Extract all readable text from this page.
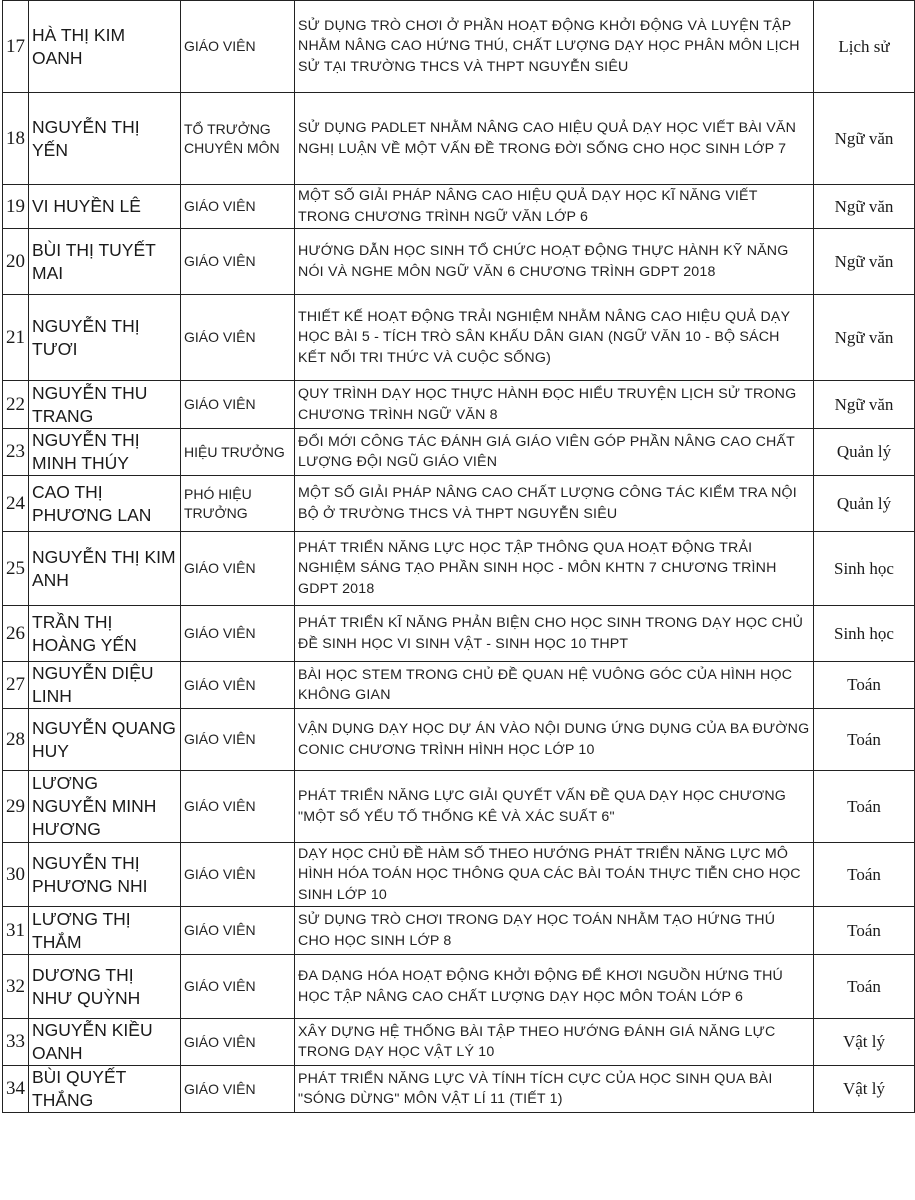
17	HÀ THỊ KIM OANH	GIÁO VIÊN	SỬ DỤNG TRÒ CHƠI Ở PHẦN HOẠT ĐỘNG KHỞI ĐỘNG VÀ LUYỆN TẬP NHẰM NÂNG CAO HỨNG THÚ, CHẤT LƯỢNG DẠY HỌC PHÂN MÔN LỊCH SỬ TẠI TRƯỜNG THCS VÀ THPT NGUYỄN SIÊU	Lịch sử
18	NGUYỄN THỊ YẾN	TỔ TRƯỞNG CHUYÊN MÔN	SỬ DỤNG PADLET NHẰM NÂNG CAO HIỆU QUẢ DẠY HỌC VIẾT BÀI VĂN NGHỊ LUẬN VỀ MỘT VẤN ĐỀ TRONG ĐỜI SỐNG CHO HỌC SINH LỚP 7	Ngữ văn
19	VI HUYỀN LÊ	GIÁO VIÊN	MỘT SỐ GIẢI PHÁP NÂNG CAO HIỆU QUẢ DẠY HỌC KĨ NĂNG VIẾT TRONG CHƯƠNG TRÌNH NGỮ VĂN LỚP 6	Ngữ văn
20	BÙI THỊ TUYẾT MAI	GIÁO VIÊN	HƯỚNG DẪN HỌC SINH TỔ CHỨC HOẠT ĐỘNG THỰC HÀNH KỸ NĂNG NÓI VÀ NGHE MÔN NGỮ VĂN 6 CHƯƠNG TRÌNH GDPT 2018	Ngữ văn
21	NGUYỄN THỊ TƯƠI	GIÁO VIÊN	THIẾT KẾ HOẠT ĐỘNG TRẢI NGHIỆM NHẰM NÂNG CAO HIỆU QUẢ DẠY HỌC BÀI 5 - TÍCH TRÒ SÂN KHẤU DÂN GIAN (NGỮ VĂN 10 - BỘ SÁCH KẾT NỐI TRI THỨC VÀ CUỘC SỐNG)	Ngữ văn
22	NGUYỄN THU TRANG	GIÁO VIÊN	QUY TRÌNH DẠY HỌC THỰC HÀNH ĐỌC HIỂU TRUYỆN LỊCH SỬ TRONG CHƯƠNG TRÌNH NGỮ VĂN 8	Ngữ văn
23	NGUYỄN THỊ MINH THÚY	HIỆU TRƯỞNG	ĐỔI MỚI CÔNG TÁC ĐÁNH GIÁ GIÁO VIÊN GÓP PHẦN NÂNG CAO CHẤT LƯỢNG ĐỘI NGŨ GIÁO VIÊN	Quản lý
24	CAO THỊ PHƯƠNG LAN	PHÓ HIỆU TRƯỞNG	MỘT SỐ GIẢI PHÁP NÂNG CAO CHẤT LƯỢNG CÔNG TÁC KIỂM TRA NỘI BỘ Ở TRƯỜNG THCS VÀ THPT NGUYỄN SIÊU	Quản lý
25	NGUYỄN THỊ KIM ANH	GIÁO VIÊN	PHÁT TRIỂN NĂNG LỰC HỌC TẬP THÔNG QUA HOẠT ĐỘNG TRẢI NGHIỆM SÁNG TẠO PHẦN SINH HỌC - MÔN KHTN 7 CHƯƠNG TRÌNH GDPT 2018	Sinh học
26	TRẦN THỊ HOÀNG YẾN	GIÁO VIÊN	PHÁT TRIỂN KĨ NĂNG PHẢN BIỆN CHO HỌC SINH TRONG DẠY HỌC CHỦ ĐỀ SINH HỌC VI SINH VẬT - SINH HỌC 10 THPT	Sinh học
27	NGUYỄN DIỆU LINH	GIÁO VIÊN	BÀI HỌC STEM TRONG CHỦ ĐỀ QUAN HỆ VUÔNG GÓC CỦA HÌNH HỌC KHÔNG GIAN	Toán
28	NGUYỄN QUANG HUY	GIÁO VIÊN	VẬN DỤNG DẠY HỌC DỰ ÁN VÀO NỘI DUNG ỨNG DỤNG CỦA BA ĐƯỜNG CONIC CHƯƠNG TRÌNH HÌNH HỌC LỚP 10	Toán
29	LƯƠNG NGUYỄN MINH HƯƠNG	GIÁO VIÊN	PHÁT TRIỂN NĂNG LỰC GIẢI QUYẾT VẤN ĐỀ QUA DẠY HỌC CHƯƠNG "MỘT SỐ YẾU TỐ THỐNG KÊ VÀ XÁC SUẤT 6"	Toán
30	NGUYỄN THỊ PHƯƠNG NHI	GIÁO VIÊN	DẠY HỌC CHỦ ĐỀ HÀM SỐ THEO HƯỚNG PHÁT TRIỂN NĂNG LỰC MÔ HÌNH HÓA TOÁN HỌC THÔNG QUA CÁC BÀI TOÁN THỰC TIỄN CHO HỌC SINH LỚP 10	Toán
31	LƯƠNG THỊ THẮM	GIÁO VIÊN	SỬ DỤNG TRÒ CHƠI TRONG DẠY HỌC TOÁN NHẰM TẠO HỨNG THÚ CHO HỌC SINH LỚP 8	Toán
32	DƯƠNG THỊ NHƯ QUỲNH	GIÁO VIÊN	ĐA DẠNG HÓA HOẠT ĐỘNG KHỞI ĐỘNG ĐỂ KHƠI NGUỒN HỨNG THÚ HỌC TẬP NÂNG CAO CHẤT LƯỢNG DẠY HỌC MÔN TOÁN LỚP 6	Toán
33	NGUYỄN KIỀU OANH	GIÁO VIÊN	XÂY DỰNG HỆ THỐNG BÀI TẬP THEO HƯỚNG ĐÁNH GIÁ NĂNG LỰC TRONG DẠY HỌC VẬT LÝ 10	Vật lý
34	BÙI QUYẾT THẮNG	GIÁO VIÊN	PHÁT TRIỂN NĂNG LỰC VÀ TÍNH TÍCH CỰC CỦA HỌC SINH QUA BÀI "SÓNG DỪNG" MÔN VẬT LÍ 11 (TIẾT 1)	Vật lý
